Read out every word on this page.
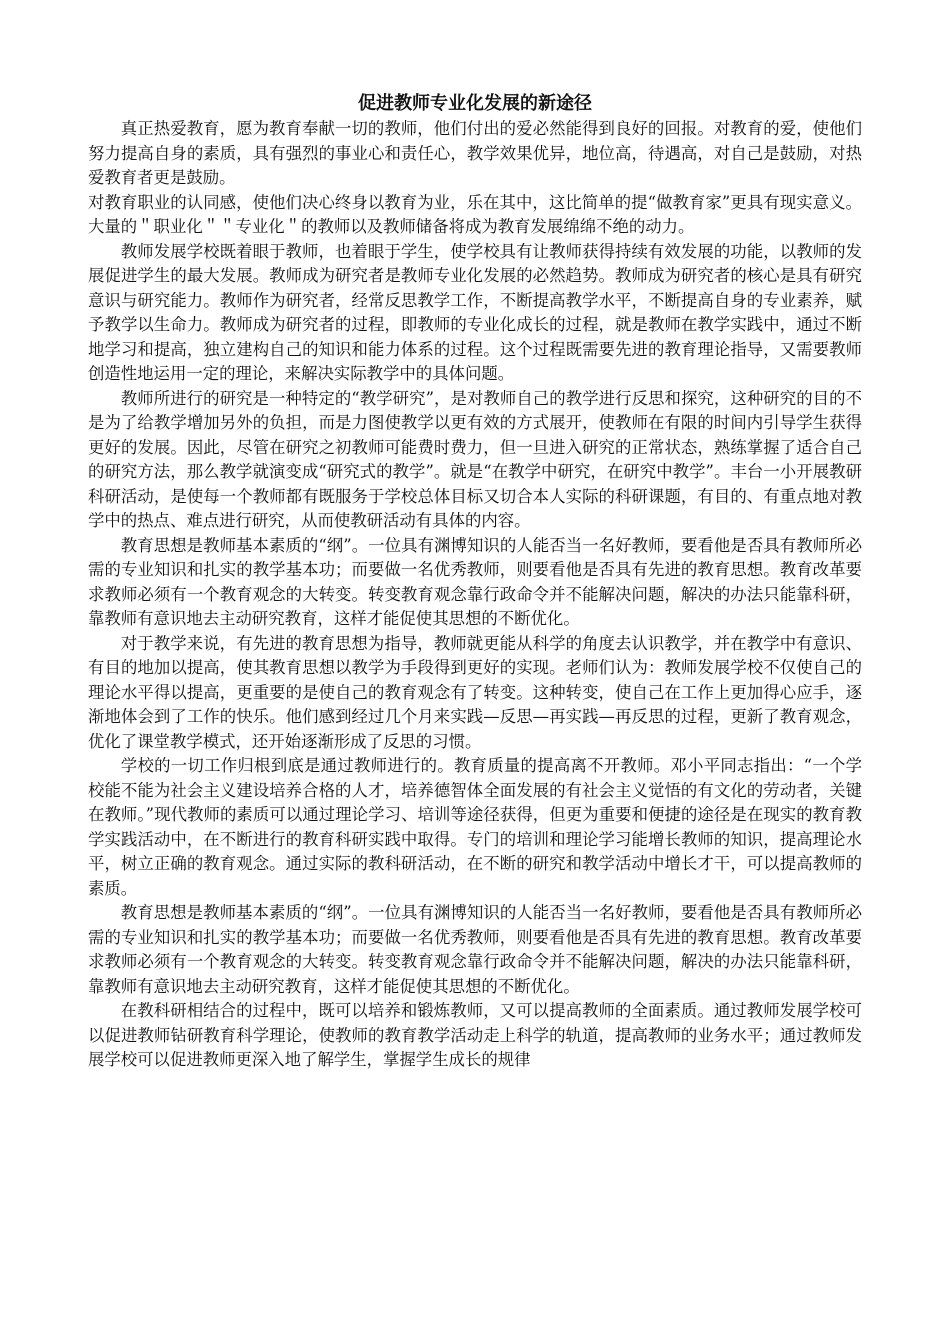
促进教师专业化发展的新途径

真正热爱教育，愿为教育奉献一切的教师，他们付出的爱必然能得到良好的回报。对教育的爱，使他们努力提高自身的素质，具有强烈的事业心和责任心，教学效果优异，地位高，待遇高，对自己是鼓励，对热爱教育者更是鼓励。

对教育职业的认同感，使他们决心终身以教育为业，乐在其中，这比简单的提“做教育家”更具有现实意义。大量的＂职业化＂＂专业化＂的教师以及教师储备将成为教育发展绵绵不绝的动力。

教师发展学校既着眼于教师，也着眼于学生，使学校具有让教师获得持续有效发展的功能，以教师的发展促进学生的最大发展。教师成为研究者是教师专业化发展的必然趋势。教师成为研究者的核心是具有研究意识与研究能力。教师作为研究者，经常反思教学工作，不断提高教学水平，不断提高自身的专业素养，赋予教学以生命力。教师成为研究者的过程，即教师的专业化成长的过程，就是教师在教学实践中，通过不断地学习和提高，独立建构自己的知识和能力体系的过程。这个过程既需要先进的教育理论指导，又需要教师创造性地运用一定的理论，来解决实际教学中的具体问题。

教师所进行的研究是一种特定的“教学研究”，是对教师自己的教学进行反思和探究，这种研究的目的不是为了给教学增加另外的负担，而是力图使教学以更有效的方式展开，使教师在有限的时间内引导学生获得更好的发展。因此，尽管在研究之初教师可能费时费力，但一旦进入研究的正常状态，熟练掌握了适合自己的研究方法，那么教学就演变成“研究式的教学”。就是“在教学中研究，在研究中教学”。丰台一小开展教研科研活动，是使每一个教师都有既服务于学校总体目标又切合本人实际的科研课题，有目的、有重点地对教学中的热点、难点进行研究，从而使教研活动有具体的内容。

教育思想是教师基本素质的“纲”。一位具有渊博知识的人能否当一名好教师，要看他是否具有教师所必需的专业知识和扎实的教学基本功；而要做一名优秀教师，则要看他是否具有先进的教育思想。教育改革要求教师必须有一个教育观念的大转变。转变教育观念靠行政命令并不能解决问题，解决的办法只能靠科研，靠教师有意识地去主动研究教育，这样才能促使其思想的不断优化。

对于教学来说，有先进的教育思想为指导，教师就更能从科学的角度去认识教学，并在教学中有意识、有目的地加以提高，使其教育思想以教学为手段得到更好的实现。老师们认为：教师发展学校不仅使自己的理论水平得以提高，更重要的是使自己的教育观念有了转变。这种转变，使自己在工作上更加得心应手，逐渐地体会到了工作的快乐。他们感到经过几个月来实践—反思—再实践—再反思的过程，更新了教育观念，优化了课堂教学模式，还开始逐渐形成了反思的习惯。

学校的一切工作归根到底是通过教师进行的。教育质量的提高离不开教师。邓小平同志指出：“一个学校能不能为社会主义建设培养合格的人才，培养德智体全面发展的有社会主义觉悟的有文化的劳动者，关键在教师。”现代教师的素质可以通过理论学习、培训等途径获得，但更为重要和便捷的途径是在现实的教育教学实践活动中，在不断进行的教育科研实践中取得。专门的培训和理论学习能增长教师的知识，提高理论水平，树立正确的教育观念。通过实际的教科研活动，在不断的研究和教学活动中增长才干，可以提高教师的素质。

教育思想是教师基本素质的“纲”。一位具有渊博知识的人能否当一名好教师，要看他是否具有教师所必需的专业知识和扎实的教学基本功；而要做一名优秀教师，则要看他是否具有先进的教育思想。教育改革要求教师必须有一个教育观念的大转变。转变教育观念靠行政命令并不能解决问题，解决的办法只能靠科研，靠教师有意识地去主动研究教育，这样才能促使其思想的不断优化。

在教科研相结合的过程中，既可以培养和锻炼教师，又可以提高教师的全面素质。通过教师发展学校可以促进教师钻研教育科学理论，使教师的教育教学活动走上科学的轨道，提高教师的业务水平；通过教师发展学校可以促进教师更深入地了解学生，掌握学生成长的规律
